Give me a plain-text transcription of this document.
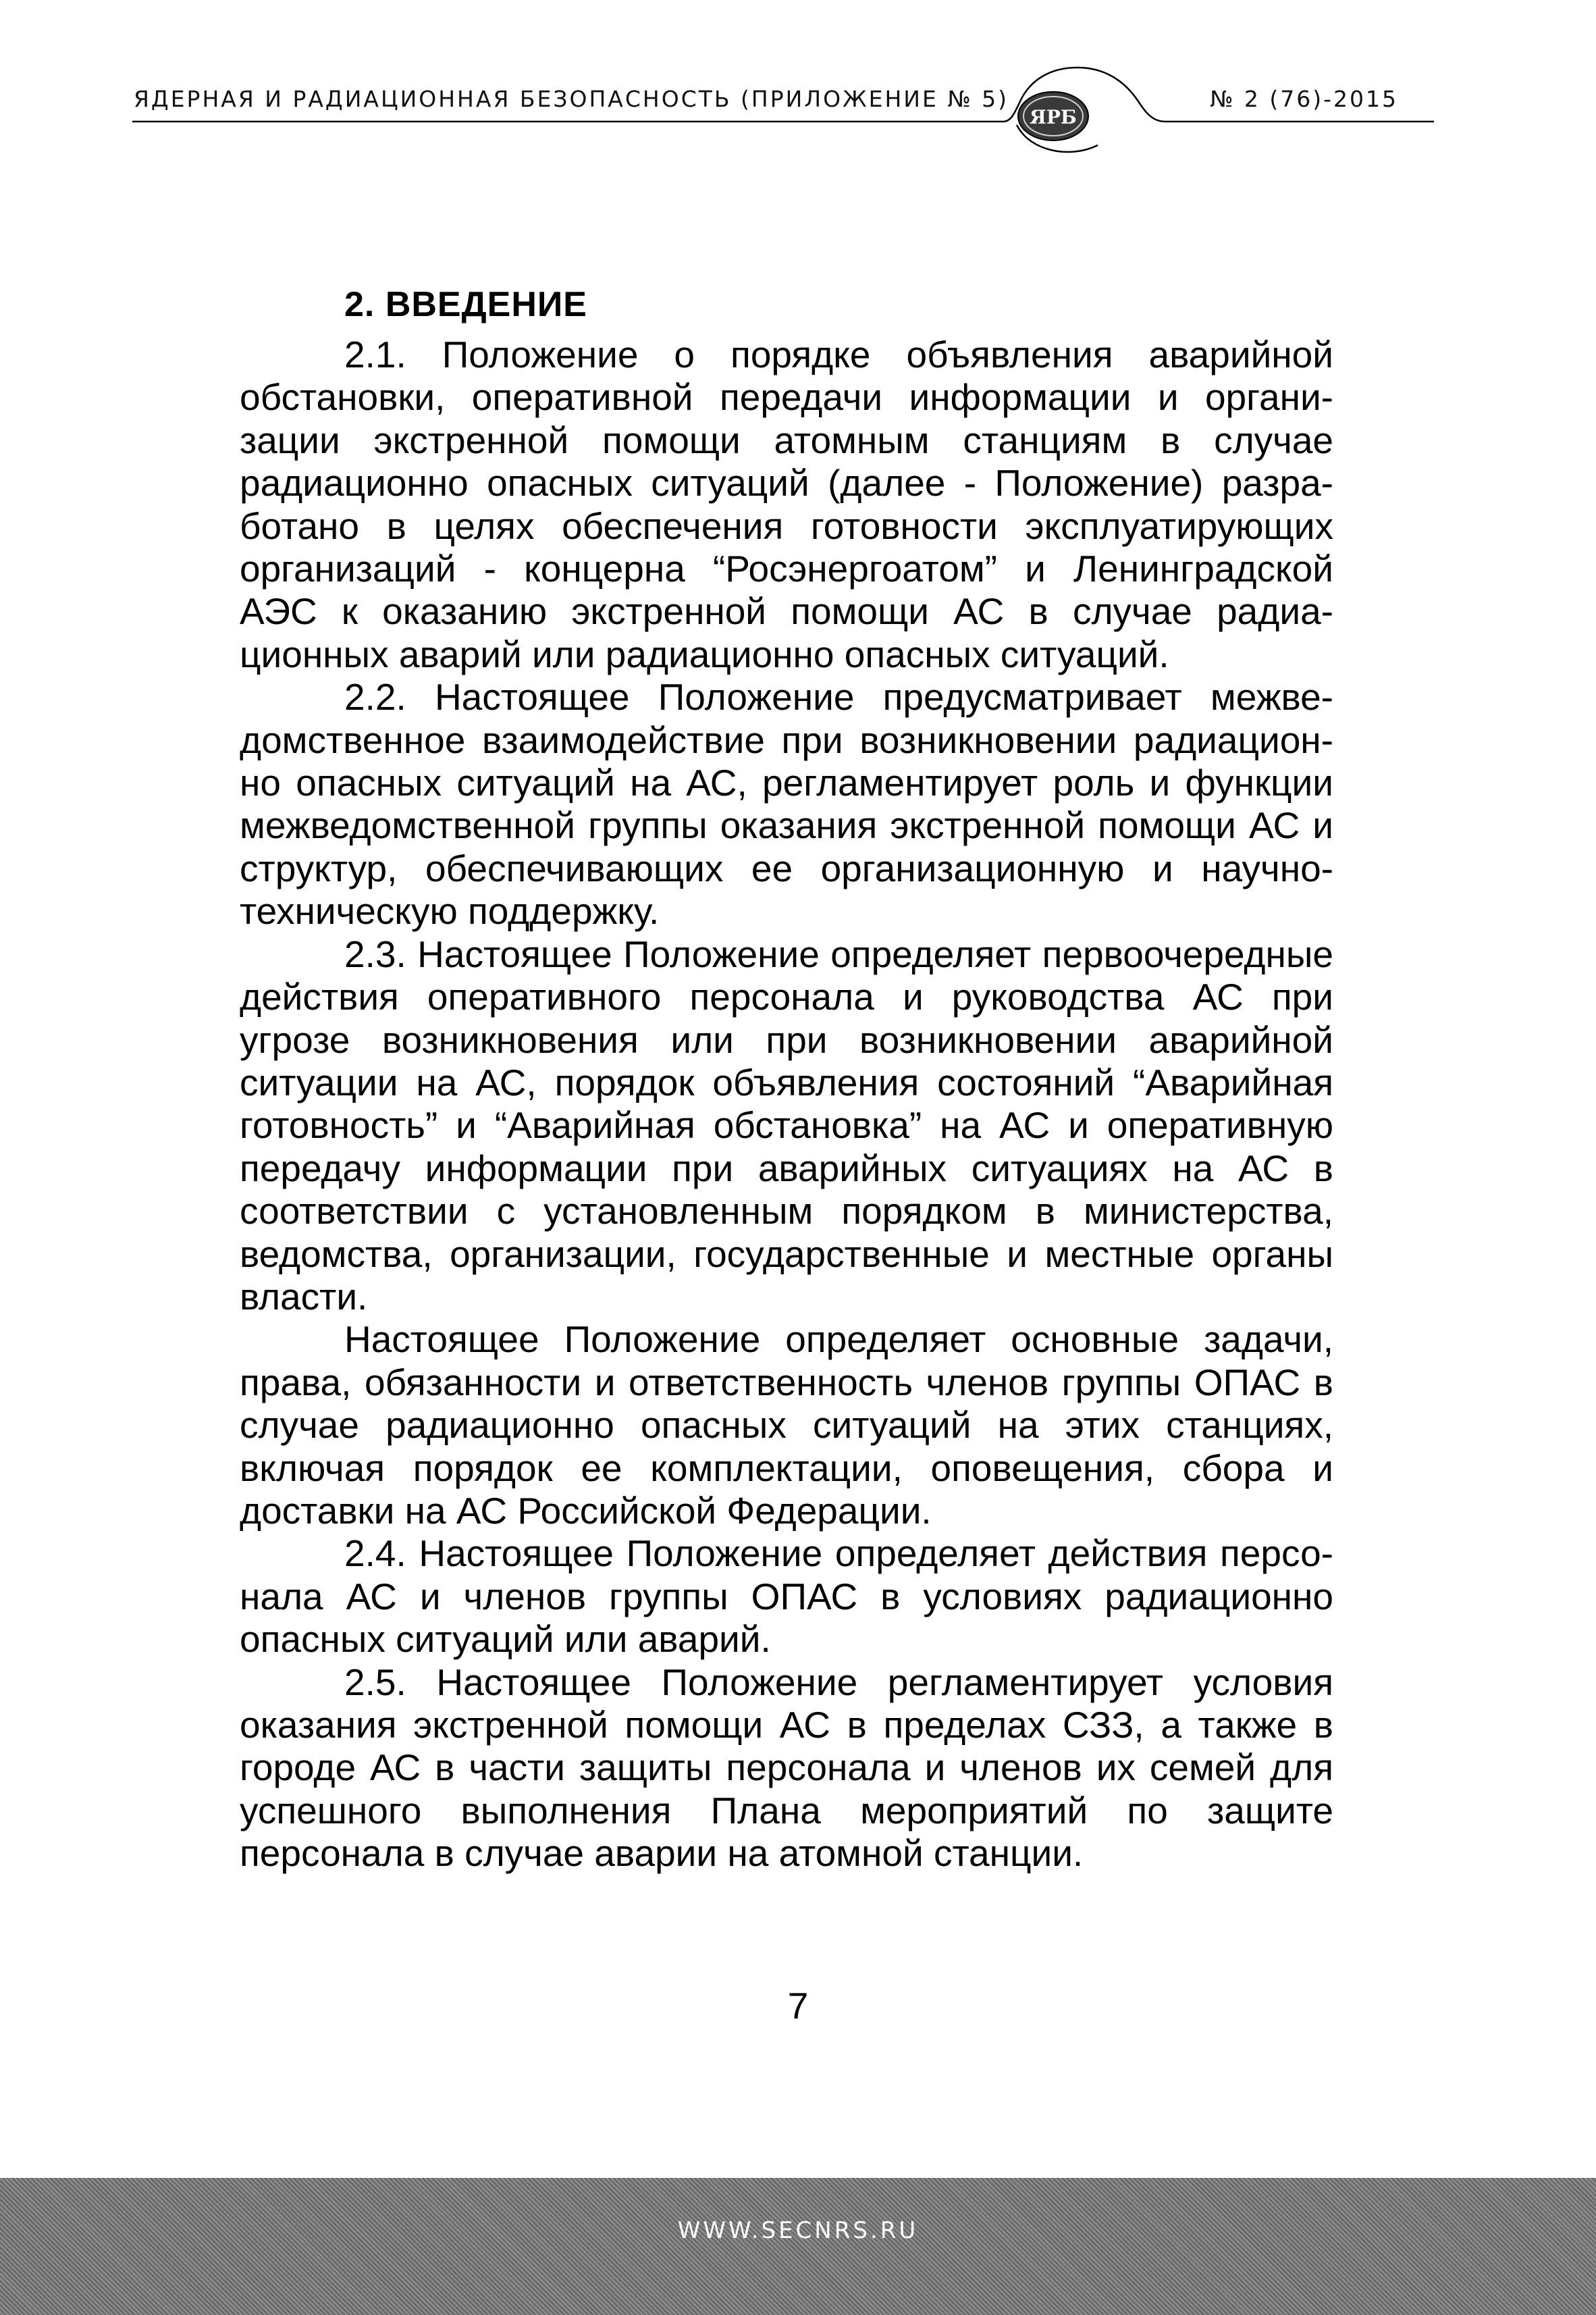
ЯДЕРНАЯ И РАДИАЦИОННАЯ БЕЗОПАСНОСТЬ (ПРИЛОЖЕНИЕ № 5)	№ 2 (76)-2015
ЯРБ
2. ВВЕДЕНИЕ

2.1. Положение о порядке объявления аварийной обстановки, оперативной передачи информации и организации экстренной помощи атомным станциям в случае радиационно опасных ситуаций (далее - Положение) разработано в целях обеспечения готовности эксплуатирующих организаций - концерна “Росэнергоатом” и Ленинградской АЭС к оказанию экстренной помощи АС в случае радиационных аварий или радиационно опасных ситуаций.

2.2. Настоящее Положение предусматривает межведомственное взаимодействие при возникновении радиационно опасных ситуаций на АС, регламентирует роль и функции межведомственной группы оказания экстренной помощи АС и структур, обеспечивающих ее организационную и научно-техническую поддержку.

2.3. Настоящее Положение определяет первоочередные действия оперативного персонала и руководства АС при угрозе возникновения или при возникновении аварийной ситуации на АС, порядок объявления состояний “Аварийная готовность” и “Аварийная обстановка” на АС и оперативную передачу информации при аварийных ситуациях на АС в соответствии с установленным порядком в министерства, ведомства, организации, государственные и местные органы власти.

Настоящее Положение определяет основные задачи, права, обязанности и ответственность членов группы ОПАС в случае радиационно опасных ситуаций на этих станциях, включая порядок ее комплектации, оповещения, сбора и доставки на АС Российской Федерации.

2.4. Настоящее Положение определяет действия персонала АС и членов группы ОПАС в условиях радиационно опасных ситуаций или аварий.

2.5. Настоящее Положение регламентирует условия оказания экстренной помощи АС в пределах СЗЗ, а также в городе АС в части защиты персонала и членов их семей для успешного выполнения Плана мероприятий по защите персонала в случае аварии на атомной станции.

7
WWW.SECNRS.RU
